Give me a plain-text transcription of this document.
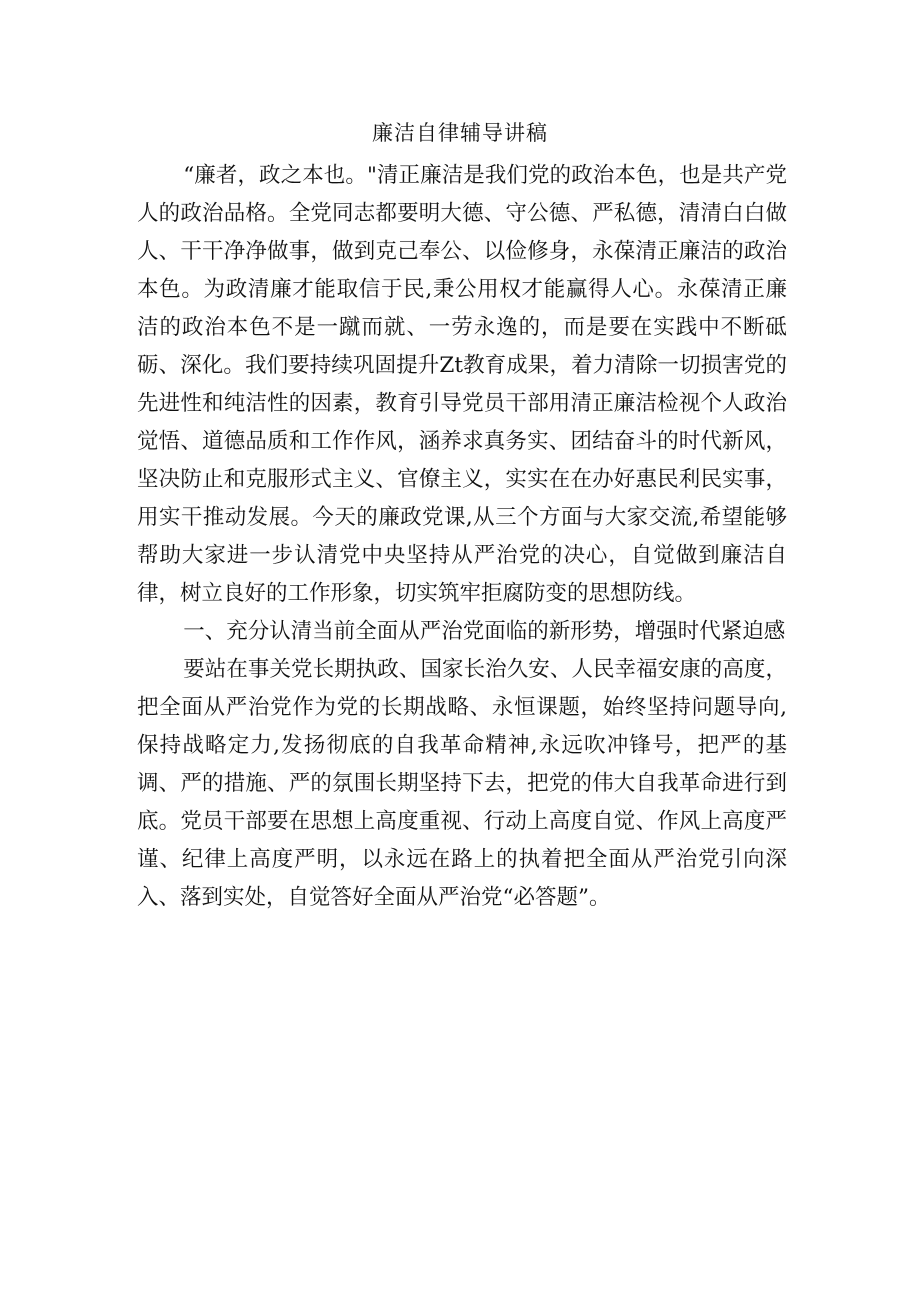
廉洁自律辅导讲稿

“廉者，政之本也。"清正廉洁是我们党的政治本色，也是共产党人的政治品格。全党同志都要明大德、守公德、严私德，清清白白做人、干干净净做事，做到克己奉公、以俭修身，永葆清正廉洁的政治本色。为政清廉才能取信于民,秉公用权才能赢得人心。永葆清正廉洁的政治本色不是一蹴而就、一劳永逸的，而是要在实践中不断砥砺、深化。我们要持续巩固提升Zt教育成果，着力清除一切损害党的先进性和纯洁性的因素，教育引导党员干部用清正廉洁检视个人政治觉悟、道德品质和工作作风，涵养求真务实、团结奋斗的时代新风，坚决防止和克服形式主义、官僚主义，实实在在办好惠民利民实事，用实干推动发展。今天的廉政党课,从三个方面与大家交流,希望能够帮助大家进一步认清党中央坚持从严治党的决心，自觉做到廉洁自律，树立良好的工作形象，切实筑牢拒腐防变的思想防线。

一、充分认清当前全面从严治党面临的新形势，增强时代紧迫感

要站在事关党长期执政、国家长治久安、人民幸福安康的高度，把全面从严治党作为党的长期战略、永恒课题，始终坚持问题导向,保持战略定力,发扬彻底的自我革命精神,永远吹冲锋号，把严的基调、严的措施、严的氛围长期坚持下去，把党的伟大自我革命进行到底。党员干部要在思想上高度重视、行动上高度自觉、作风上高度严谨、纪律上高度严明，以永远在路上的执着把全面从严治党引向深入、落到实处，自觉答好全面从严治党“必答题”。
